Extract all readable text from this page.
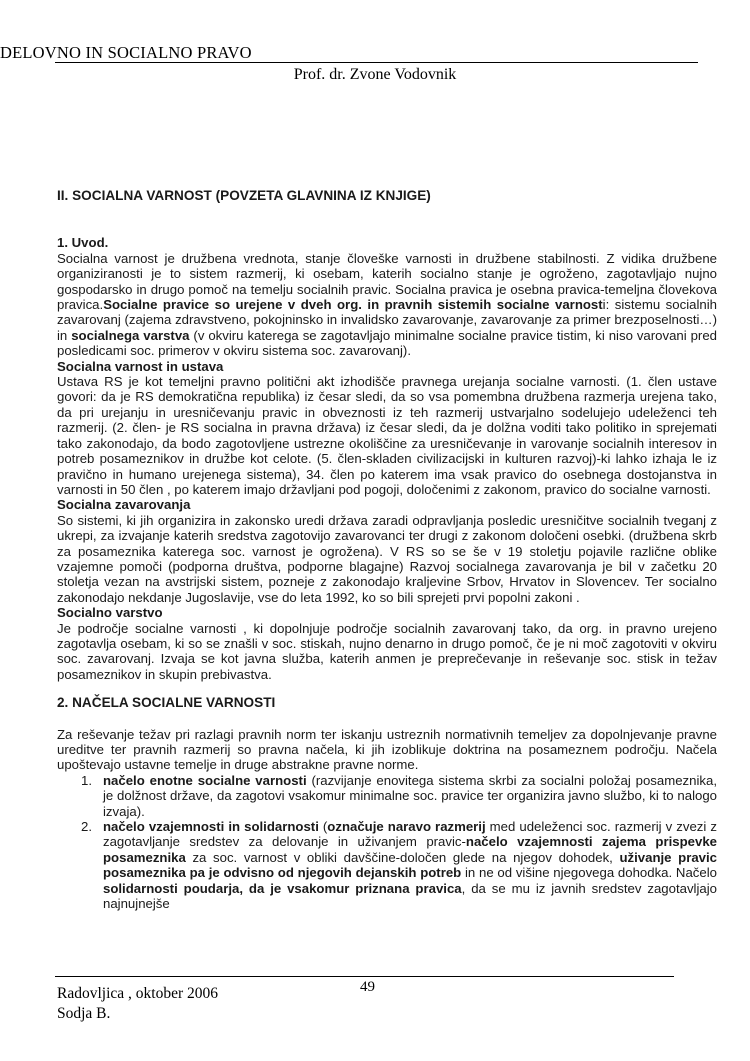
DELOVNO IN SOCIALNO PRAVO
Prof. dr. Zvone Vodovnik
II. SOCIALNA VARNOST (POVZETA GLAVNINA IZ KNJIGE)
1. Uvod.
Socialna varnost je družbena vrednota, stanje človeške varnosti in družbene stabilnosti. Z vidika družbene organiziranosti je to sistem razmerij, ki osebam, katerih socialno stanje je ogroženo, zagotavljajo nujno gospodarsko in drugo pomoč na temelju socialnih pravic. Socialna pravica je osebna pravica-temeljna človekova pravica.Socialne pravice so urejene v dveh org. in pravnih sistemih socialne varnosti: sistemu socialnih zavarovanj (zajema zdravstveno, pokojninsko in invalidsko zavarovanje, zavarovanje za primer brezposelnosti…) in socialnega varstva (v okviru katerega se zagotavljajo minimalne socialne pravice tistim, ki niso varovani pred posledicami soc. primerov v okviru sistema soc. zavarovanj).
Socialna varnost in ustava
Ustava RS je kot temeljni pravno politični akt izhodišče pravnega urejanja socialne varnosti. (1. člen ustave govori: da je RS demokratična republika) iz česar sledi, da so vsa pomembna družbena razmerja urejena tako, da pri urejanju in uresničevanju pravic in obveznosti iz teh razmerij ustvarjalno sodelujejo udeleženci teh razmerij. (2. člen- je RS socialna in pravna država) iz česar sledi, da je dolžna voditi tako politiko in sprejemati tako zakonodajo, da bodo zagotovljene ustrezne okoliščine za uresničevanje in varovanje socialnih interesov in potreb posameznikov in družbe kot celote. (5. člen-skladen civilizacijski in kulturen razvoj)-ki lahko izhaja le iz pravično in humano urejenega sistema), 34. člen po katerem ima vsak pravico do osebnega dostojanstva in varnosti in 50 člen , po katerem imajo državljani pod pogoji, določenimi z zakonom, pravico do socialne varnosti.
Socialna zavarovanja
So sistemi, ki jih organizira in zakonsko uredi država zaradi odpravljanja posledic uresničitve socialnih tveganj z ukrepi, za izvajanje katerih sredstva zagotovijo zavarovanci ter drugi z zakonom določeni osebki. (družbena skrb za posameznika katerega soc. varnost je ogrožena). V RS so se še v 19 stoletju pojavile različne oblike vzajemne pomoči (podporna društva, podporne blagajne) Razvoj socialnega zavarovanja je bil v začetku 20 stoletja vezan na avstrijski sistem, pozneje z zakonodajo kraljevine Srbov, Hrvatov in Slovencev. Ter socialno zakonodajo nekdanje Jugoslavije, vse do leta 1992, ko so bili sprejeti prvi popolni zakoni .
Socialno varstvo
Je področje socialne varnosti , ki dopolnjuje področje socialnih zavarovanj tako, da org. in pravno urejeno zagotavlja osebam, ki so se znašli v soc. stiskah, nujno denarno in drugo pomoč, če je ni moč zagotoviti v okviru soc. zavarovanj. Izvaja se kot javna služba, katerih anmen je preprečevanje in reševanje soc. stisk in težav posameznikov in skupin prebivastva.
2. NAČELA SOCIALNE VARNOSTI
Za reševanje težav pri razlagi pravnih norm ter iskanju ustreznih normativnih temeljev za dopolnjevanje pravne ureditve ter pravnih razmerij so pravna načela, ki jih izoblikuje doktrina na posameznem področju. Načela upoštevajo ustavne temelje in druge abstrakne pravne norme.
1. načelo enotne socialne varnosti (razvijanje enovitega sistema skrbi za socialni položaj posameznika, je dolžnost države, da zagotovi vsakomur minimalne soc. pravice ter organizira javno službo, ki to nalogo izvaja).
2. načelo vzajemnosti in solidarnosti (označuje naravo razmerij med udeleženci soc. razmerij v zvezi z zagotavljanje sredstev za delovanje in uživanjem pravic-načelo vzajemnosti zajema prispevke posameznika za soc. varnost v obliki davščine-določen glede na njegov dohodek, uživanje pravic posameznika pa je odvisno od njegovih dejanskih potreb in ne od višine njegovega dohodka. Načelo solidarnosti poudarja, da je vsakomur priznana pravica, da se mu iz javnih sredstev zagotavljajo najnujnejše
Radovljica , oktober 2006	49
Sodja B.
